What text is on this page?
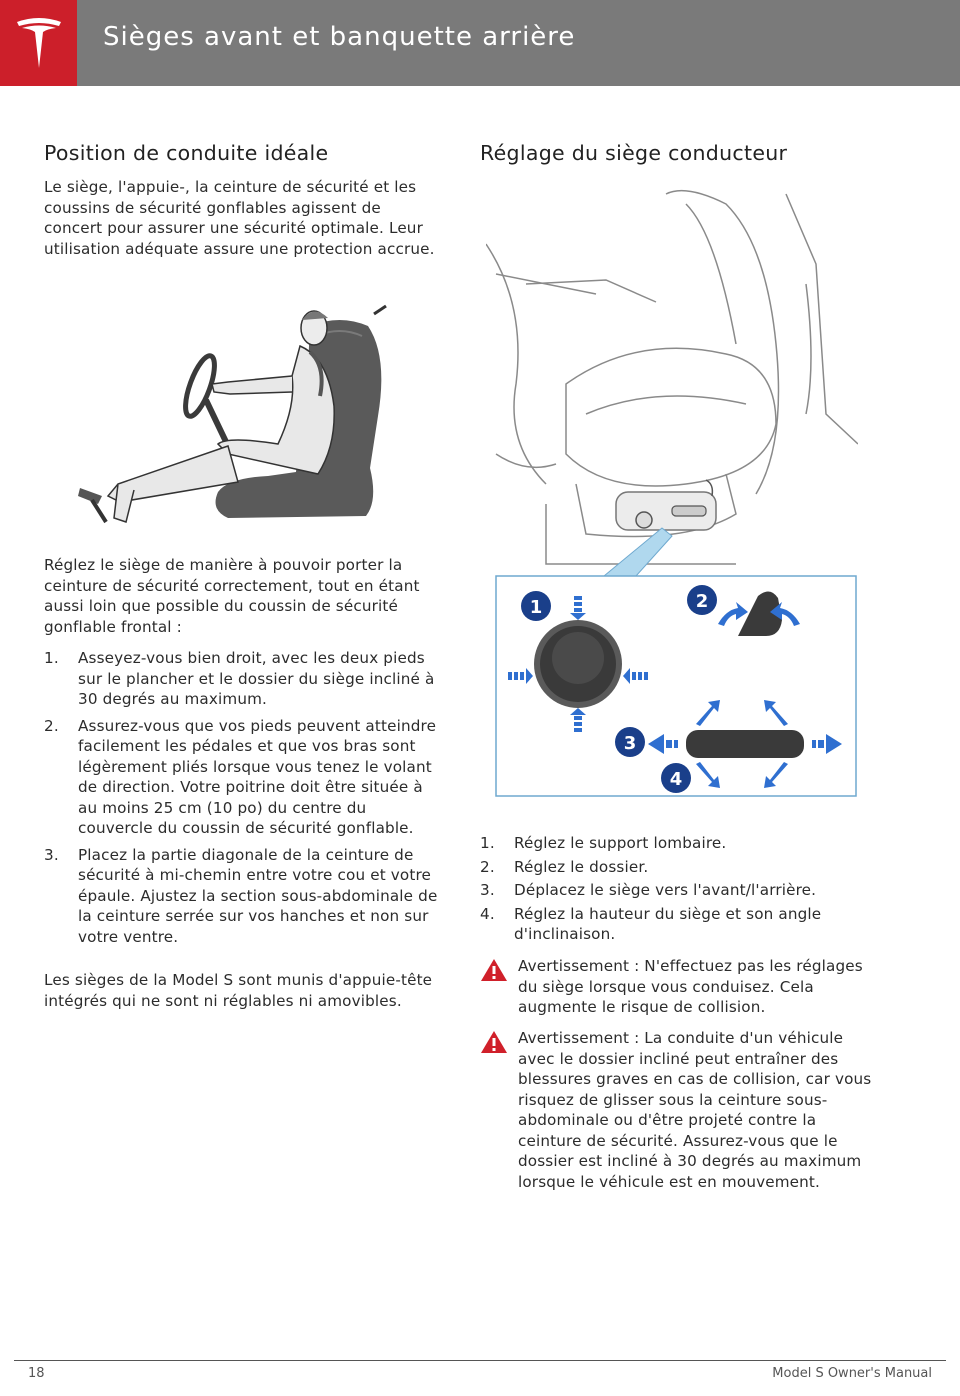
Sièges avant et banquette arrière
Position de conduite idéale

Le siège, l'appuie-, la ceinture de sécurité et les coussins de sécurité gonflables agissent de concert pour assurer une sécurité optimale. Leur utilisation adéquate assure une protection accrue.

Réglez le siège de manière à pouvoir porter la ceinture de sécurité correctement, tout en étant aussi loin que possible du coussin de sécurité gonflable frontal :

1. Asseyez-vous bien droit, avec les deux pieds sur le plancher et le dossier du siège incliné à 30 degrés au maximum.
2. Assurez-vous que vos pieds peuvent atteindre facilement les pédales et que vos bras sont légèrement pliés lorsque vous tenez le volant de direction. Votre poitrine doit être située à au moins 25 cm (10 po) du centre du couvercle du coussin de sécurité gonflable.
3. Placez la partie diagonale de la ceinture de sécurité à mi-chemin entre votre cou et votre épaule. Ajustez la section sous-abdominale de la ceinture serrée sur vos hanches et non sur votre ventre.

Les sièges de la Model S sont munis d'appuie-tête intégrés qui ne sont ni réglables ni amovibles.

Réglage du siège conducteur
1	2
3
4
1. Réglez le support lombaire.
2. Réglez le dossier.
3. Déplacez le siège vers l'avant/l'arrière.
4. Réglez la hauteur du siège et son angle d'inclinaison.
Avertissement : N'effectuez pas les réglages du siège lorsque vous conduisez. Cela augmente le risque de collision.
Avertissement : La conduite d'un véhicule avec le dossier incliné peut entraîner des blessures graves en cas de collision, car vous risquez de glisser sous la ceinture sous-abdominale ou d'être projeté contre la ceinture de sécurité. Assurez-vous que le dossier est incliné à 30 degrés au maximum lorsque le véhicule est en mouvement.
18	Model S Owner's Manual
